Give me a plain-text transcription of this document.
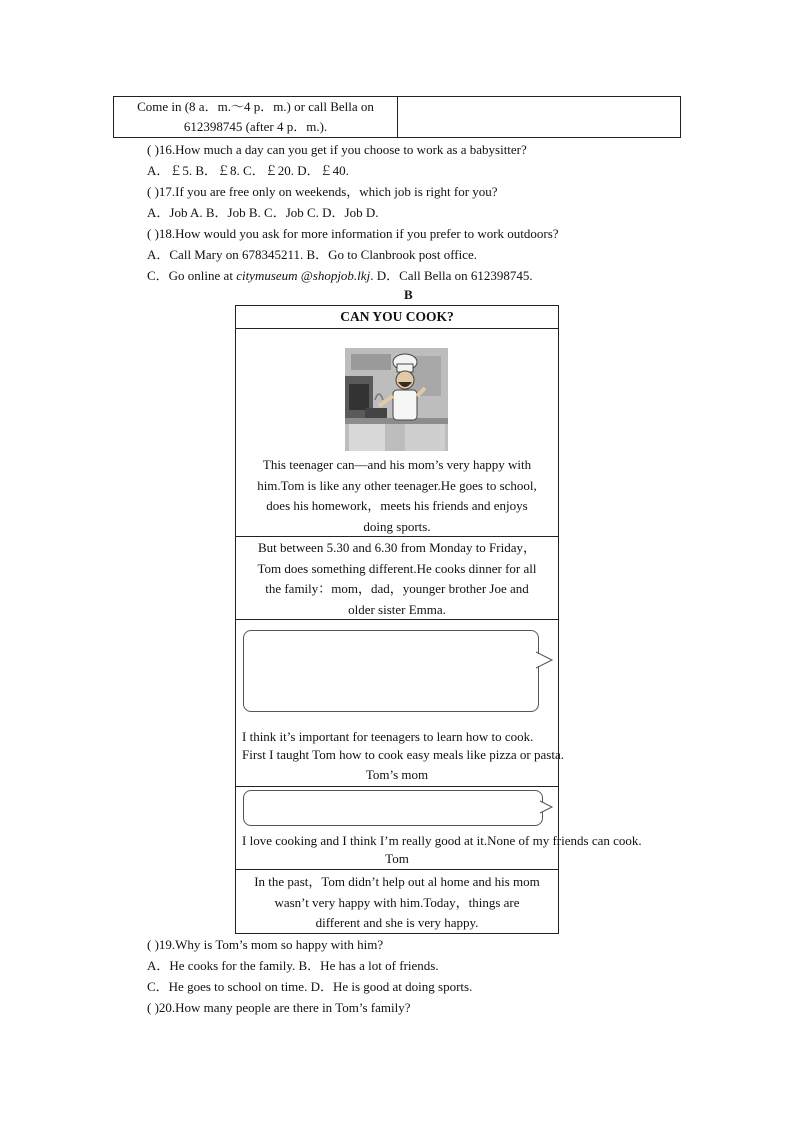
Come in (8 a．m.～4 p．m.) or call Bella on
612398745 (after 4 p．m.).
( )16.How much a day can you get if you choose to work as a babysitter?
A．￡5. B．￡8. C．￡20. D．￡40.
( )17.If you are free only on weekends，which job is right for you?
A．Job A. B．Job B. C．Job C. D．Job D.
( )18.How would you ask for more information if you prefer to work outdoors?
A．Call Mary on 678345211. B．Go to Clanbrook post office.
C．Go online at citymuseum @shopjob.lkj. D．Call Bella on 612398745.
B
CAN YOU COOK?
This teenager can—and his mom’s very happy with
him.Tom is like any other teenager.He goes to school,
does his homework，meets his friends and enjoys
doing sports.
But between 5.30 and 6.30 from Monday to Friday，
Tom does something different.He cooks dinner for all
the family：mom，dad，younger brother Joe and
older sister Emma.
I think it’s important for teenagers to learn how to cook.
First I taught Tom how to cook easy meals like pizza or pasta.
Tom’s mom
I love cooking and I think I’m really good at it.None of my friends can cook.
Tom
In the past，Tom didn’t help out al home and his mom
wasn’t very happy with him.Today，things are
different and she is very happy.
( )19.Why is Tom’s mom so happy with him?
A．He cooks for the family. B．He has a lot of friends.
C．He goes to school on time. D．He is good at doing sports.
( )20.How many people are there in Tom’s family?
